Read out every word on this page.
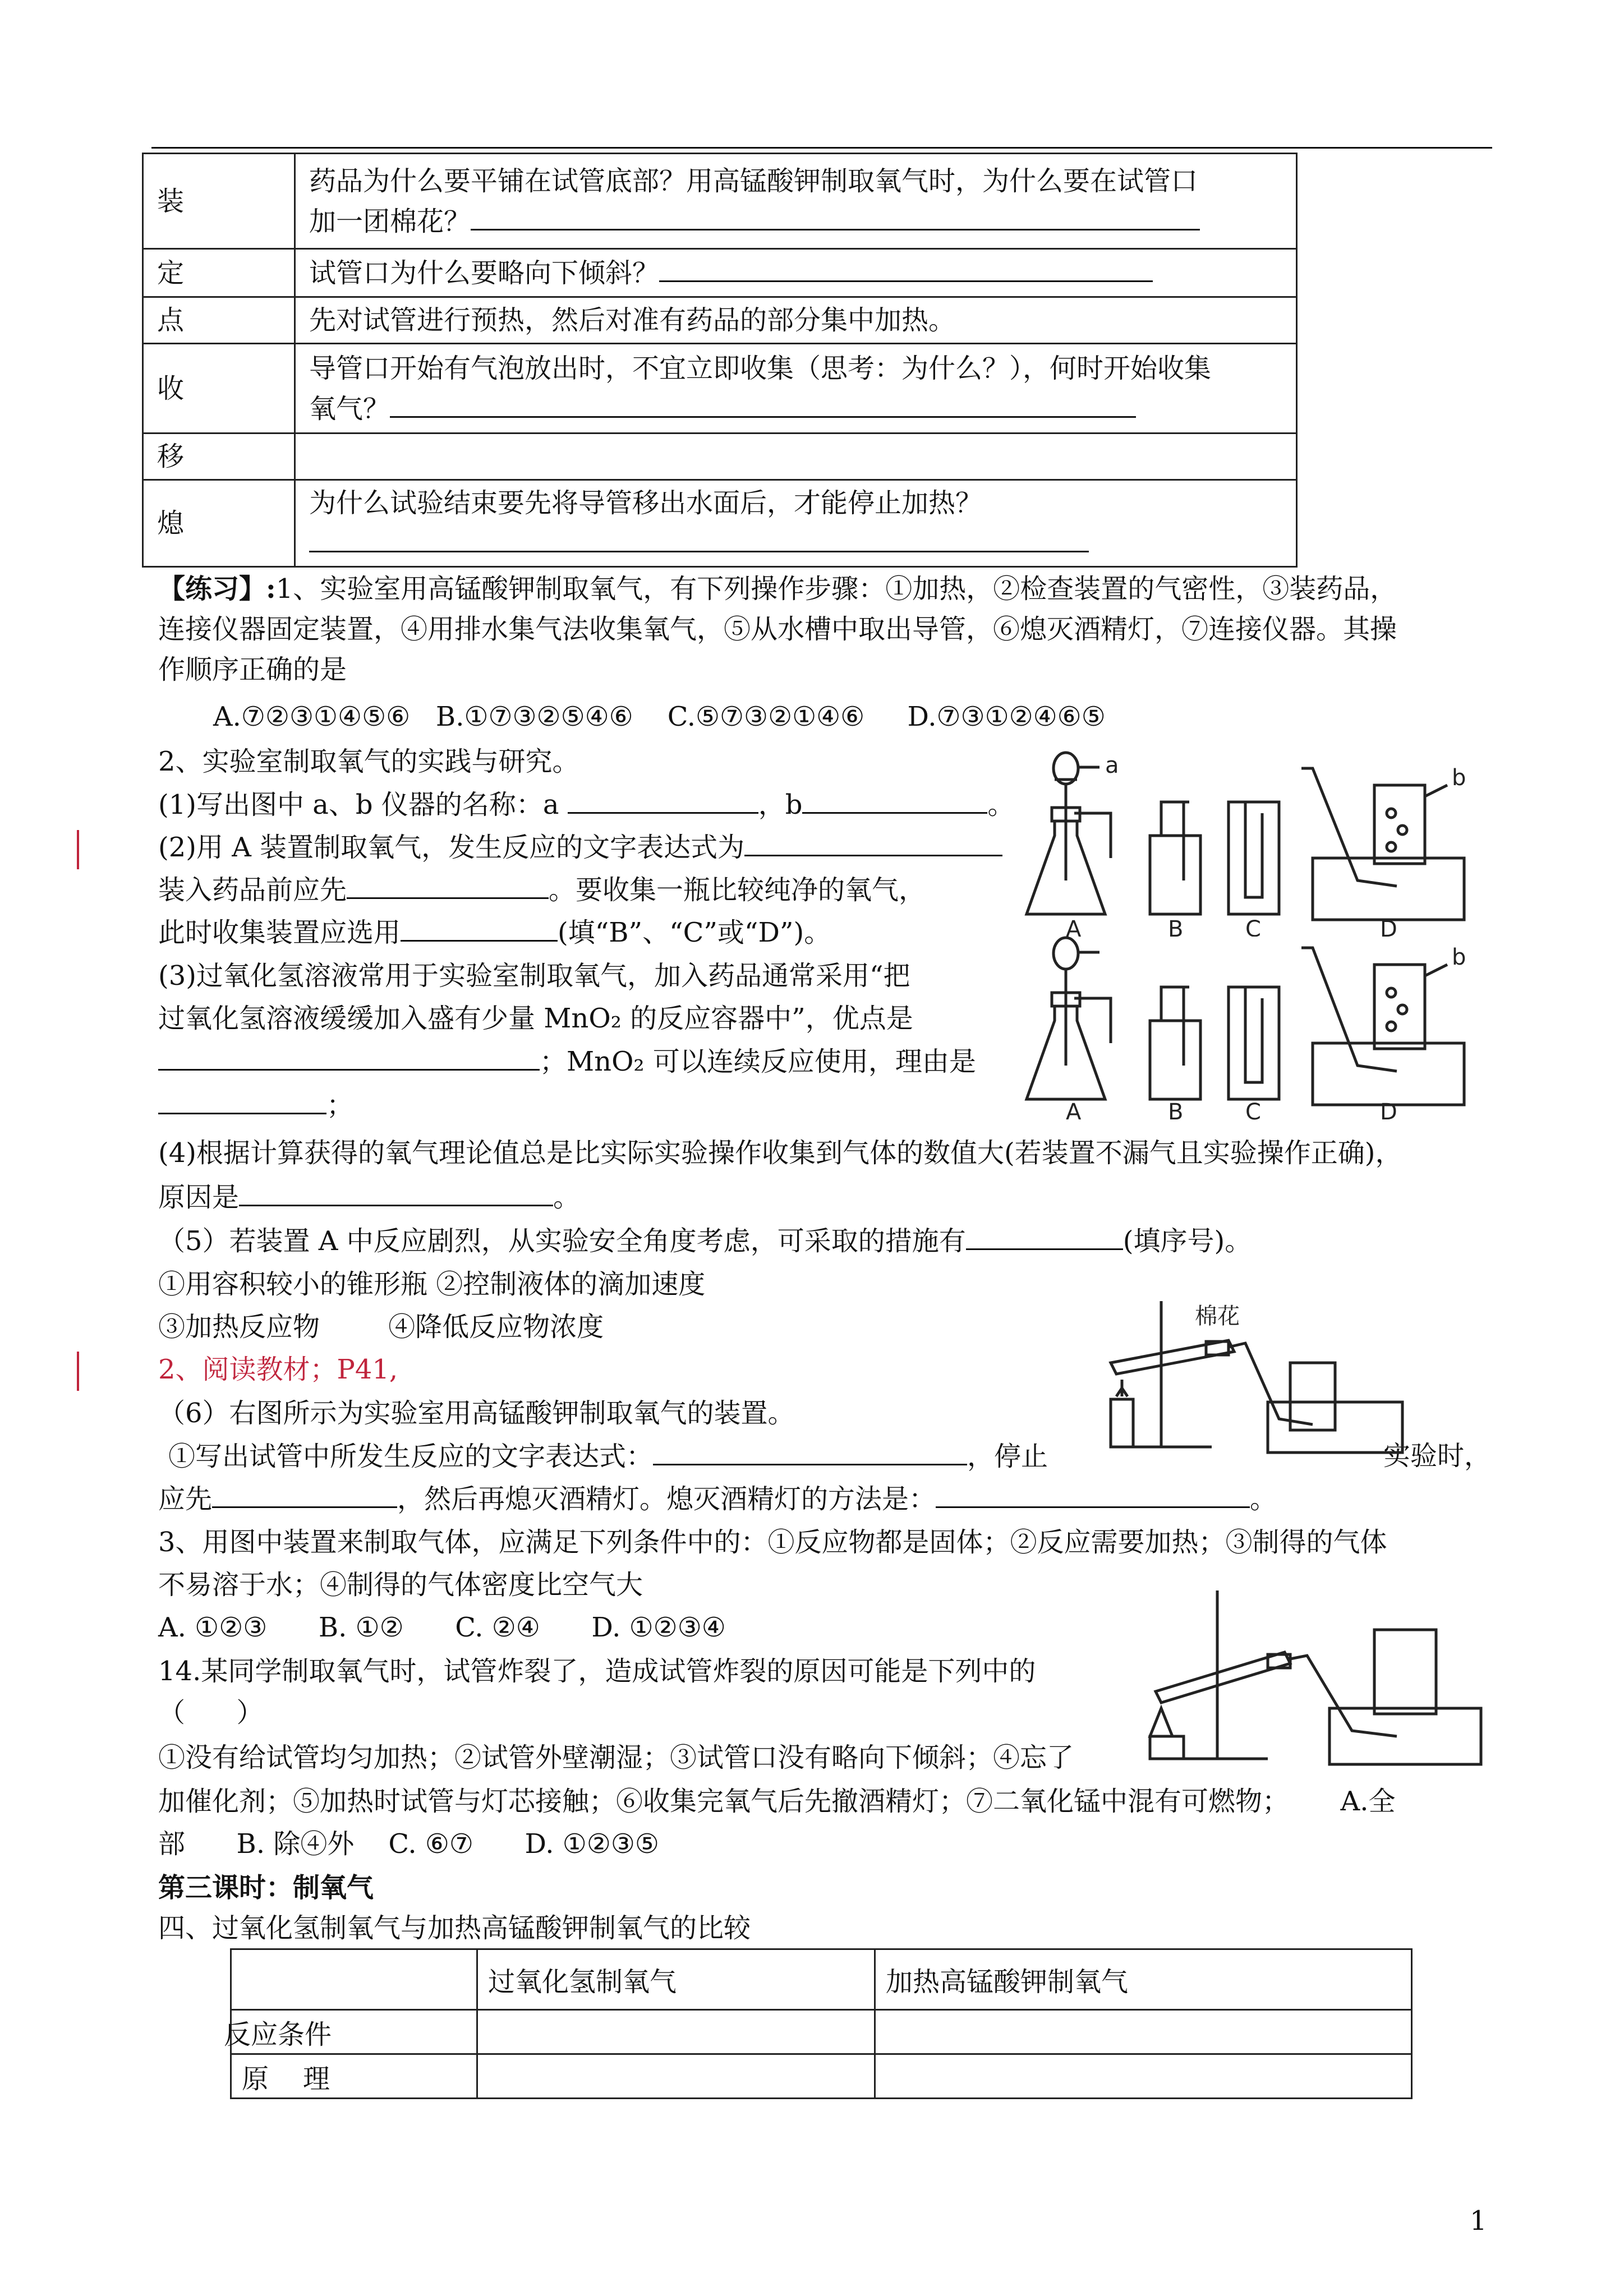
装	药品为什么要平铺在试管底部？用高锰酸钾制取氧气时，为什么要在试管口
加一团棉花？
定	试管口为什么要略向下倾斜？
点	先对试管进行预热，然后对准有药品的部分集中加热。
收	导管口开始有气泡放出时，不宜立即收集（思考：为什么？），何时开始收集
氧气？
移	
熄	为什么试验结束要先将导管移出水面后，才能停止加热？

【练习】:1、实验室用高锰酸钾制取氧气，有下列操作步骤：①加热，②检查装置的气密性，③装药品，
连接仪器固定装置，④用排水集气法收集氧气，⑤从水槽中取出导管，⑥熄灭酒精灯，⑦连接仪器。其操
作顺序正确的是
A.⑦②③①④⑤⑥   B.①⑦③②⑤④⑥    C.⑤⑦③②①④⑥     D.⑦③①②④⑥⑤
2、实验室制取氧气的实践与研究。
(1)写出图中 a、b 仪器的名称：a	，b	。
(2)用 A 装置制取氧气，发生反应的文字表达式为
装入药品前应先	。要收集一瓶比较纯净的氧气，
此时收集装置应选用	(填“B”、“C”或“D”)。
(3)过氧化氢溶液常用于实验室制取氧气，加入药品通常采用“把
过氧化氢溶液缓缓加入盛有少量 MnO₂ 的反应容器中”，优点是
；MnO₂ 可以连续反应使用，理由是
；
(4)根据计算获得的氧气理论值总是比实际实验操作收集到气体的数值大(若装置不漏气且实验操作正确)，
原因是	。
（5）若装置 A 中反应剧烈，从实验安全角度考虑，可采取的措施有	(填序号)。
①用容积较小的锥形瓶 ②控制液体的滴加速度
③加热反应物        ④降低反应物浓度
2、阅读教材；P41,
（6）右图所示为实验室用高锰酸钾制取氧气的装置。
①写出试管中所发生反应的文字表达式：	，停止	实验时，
应先	，然后再熄灭酒精灯。熄灭酒精灯的方法是：	。
3、用图中装置来制取气体，应满足下列条件中的：①反应物都是固体；②反应需要加热；③制得的气体
不易溶于水；④制得的气体密度比空气大
A. ①②③      B. ①②      C. ②④      D. ①②③④
14.某同学制取氧气时，试管炸裂了，造成试管炸裂的原因可能是下列中的
（      ）
①没有给试管均匀加热；②试管外壁潮湿；③试管口没有略向下倾斜；④忘了
加催化剂；⑤加热时试管与灯芯接触；⑥收集完氧气后先撤酒精灯；⑦二氧化锰中混有可燃物；      A.全
部      B. 除④外    C. ⑥⑦      D. ①②③⑤
第三课时：制氧气
四、过氧化氢制氧气与加热高锰酸钾制氧气的比较
	过氧化氢制氧气	加热高锰酸钾制氧气
反应条件		
原    理		
1
a
A	B	C
b
D
A	B	C
b
D
棉花
